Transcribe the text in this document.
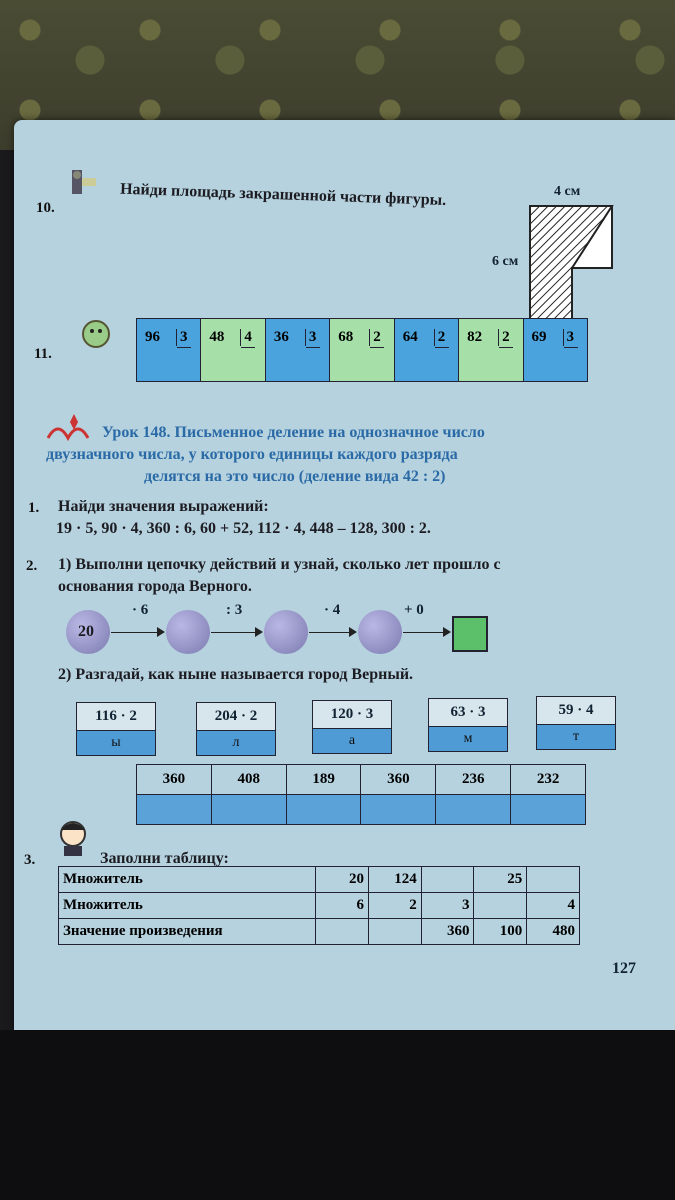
10.	Найди площадь закрашенной части фигуры.	4 см
6 см
11.
Урок 148. Письменное деление на однозначное число
двузначного числа, у которого единицы каждого разряда
делятся на это число (деление вида 42 : 2)
1. Найди значения выражений:
19 · 5, 90 · 4, 360 : 6, 60 + 52, 112 · 4, 448 – 128, 300 : 2.
2. 1) Выполни цепочку действий и узнай, сколько лет прошло с
основания города Верного.
20
· 6	: 3	· 4	+ 0
2) Разгадай, как ныне называется город Верный.
116 · 2
ы
204 · 2
л
120 · 3
а
63 · 3
м
59 · 4
т
3.	Заполни таблицу:
127
96 3 48 4 36 3 68 2 64 2 82 2 69 3
360	408	189	360	236	232

Множитель	20	124		25	
Множитель	6	2	3		4
Значение произведения			360	100	480
